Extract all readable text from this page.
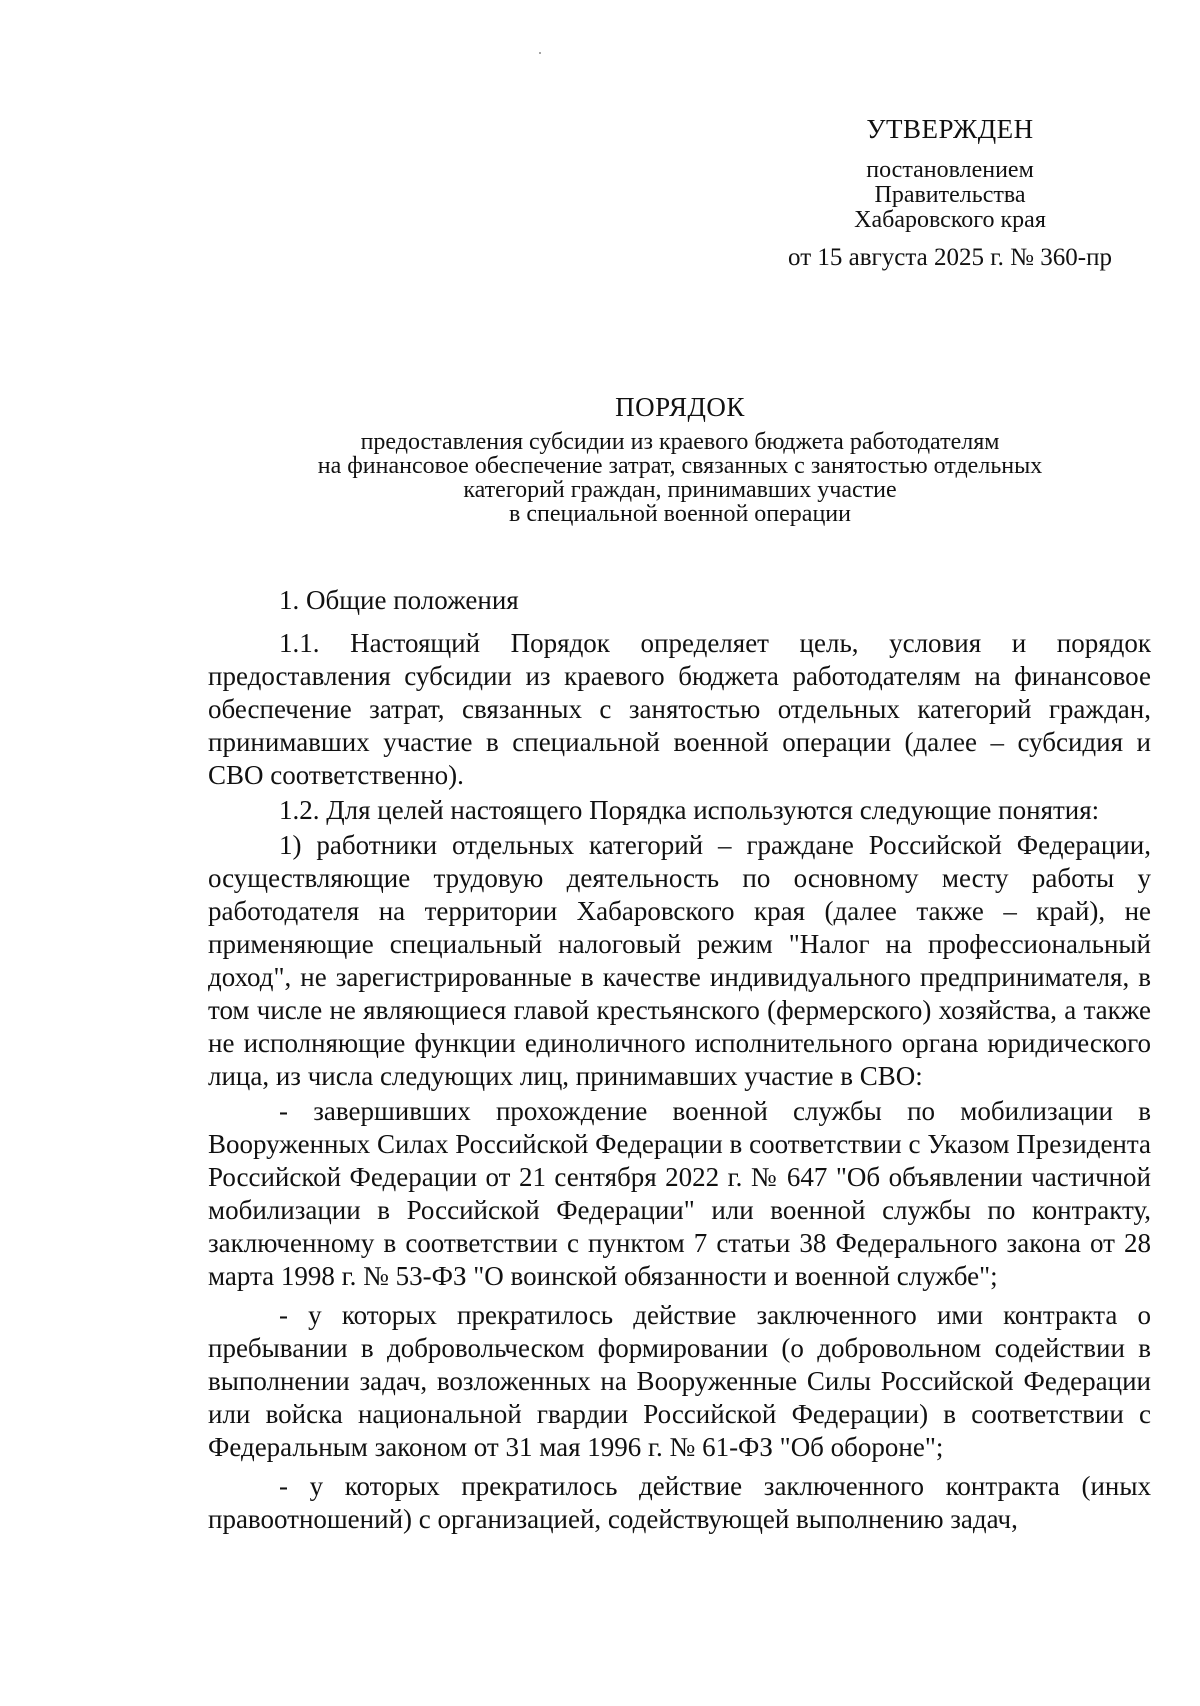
УТВЕРЖДЕН
постановлением
Правительства
Хабаровского края
от 15 августа 2025 г. № 360-пр
ПОРЯДОК
предоставления субсидии из краевого бюджета работодателям
на финансовое обеспечение затрат, связанных с занятостью отдельных
категорий граждан, принимавших участие
в специальной военной операции

1. Общие положения

1.1. Настоящий Порядок определяет цель, условия и порядок предоставления субсидии из краевого бюджета работодателям на финансовое обеспечение затрат, связанных с занятостью отдельных категорий граждан, принимавших участие в специальной военной операции (далее – субсидия и СВО соответственно).

1.2. Для целей настоящего Порядка используются следующие понятия:

1) работники отдельных категорий – граждане Российской Федерации, осуществляющие трудовую деятельность по основному месту работы у работодателя на территории Хабаровского края (далее также – край), не применяющие специальный налоговый режим "Налог на профессиональный доход", не зарегистрированные в качестве индивидуального предпринимателя, в том числе не являющиеся главой крестьянского (фермерского) хозяйства, а также не исполняющие функции единоличного исполнительного органа юридического лица, из числа следующих лиц, принимавших участие в СВО:

- завершивших прохождение военной службы по мобилизации в Вооруженных Силах Российской Федерации в соответствии с Указом Президента Российской Федерации от 21 сентября 2022 г. № 647 "Об объявлении частичной мобилизации в Российской Федерации" или военной службы по контракту, заключенному в соответствии с пунктом 7 статьи 38 Федерального закона от 28 марта 1998 г. № 53-ФЗ "О воинской обязанности и военной службе";

- у которых прекратилось действие заключенного ими контракта о пребывании в добровольческом формировании (о добровольном содействии в выполнении задач, возложенных на Вооруженные Силы Российской Федерации или войска национальной гвардии Российской Федерации) в соответствии с Федеральным законом от 31 мая 1996 г. № 61-ФЗ "Об обороне";

- у которых прекратилось действие заключенного контракта (иных правоотношений) с организацией, содействующей выполнению задач,
